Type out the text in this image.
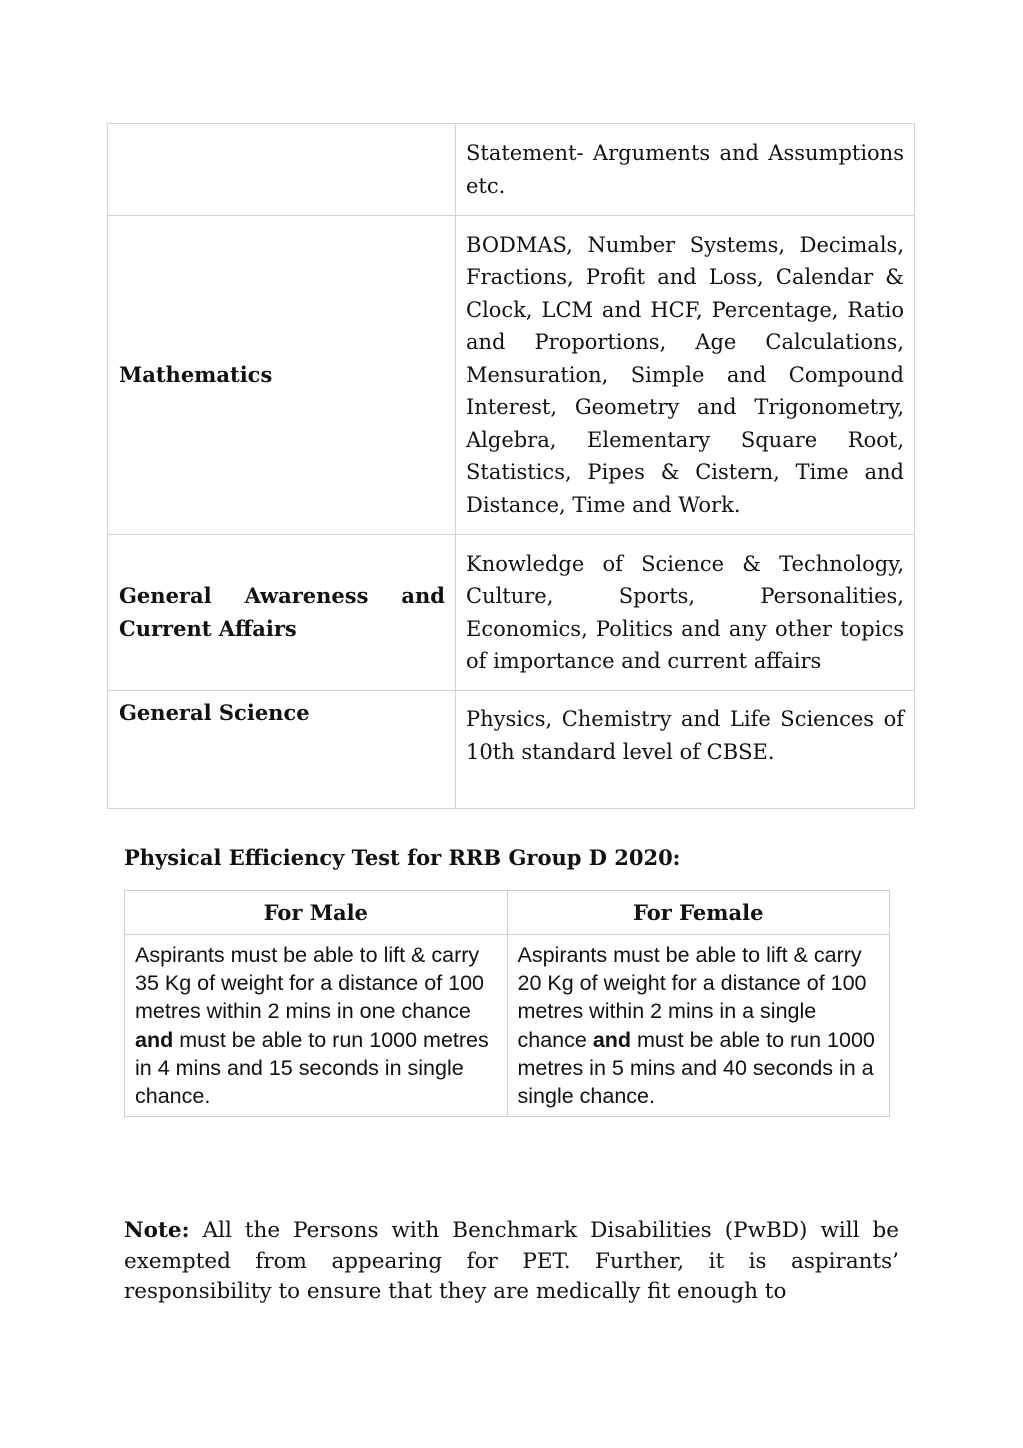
	Statement- Arguments and Assumptions etc.
Mathematics	BODMAS, Number Systems, Decimals, Fractions, Profit and Loss, Calendar & Clock, LCM and HCF, Percentage, Ratio and Proportions, Age Calculations, Mensuration, Simple and Compound Interest, Geometry and Trigonometry, Algebra, Elementary Square Root, Statistics, Pipes & Cistern, Time and Distance, Time and Work.
General Awareness and Current Affairs	Knowledge of Science & Technology, Culture, Sports, Personalities, Economics, Politics and any other topics of importance and current affairs
General Science	Physics, Chemistry and Life Sciences of 10th standard level of CBSE.
Physical Efficiency Test for RRB Group D 2020:
For Male	For Female
Aspirants must be able to lift & carry 35 Kg of weight for a distance of 100 metres within 2 mins in one chance and must be able to run 1000 metres in 4 mins and 15 seconds in single chance.	Aspirants must be able to lift & carry 20 Kg of weight for a distance of 100 metres within 2 mins in a single chance and must be able to run 1000 metres in 5 mins and 40 seconds in a single chance.

Note: All the Persons with Benchmark Disabilities (PwBD) will be exempted from appearing for PET. Further, it is aspirants’ responsibility to ensure that they are medically fit enough to
